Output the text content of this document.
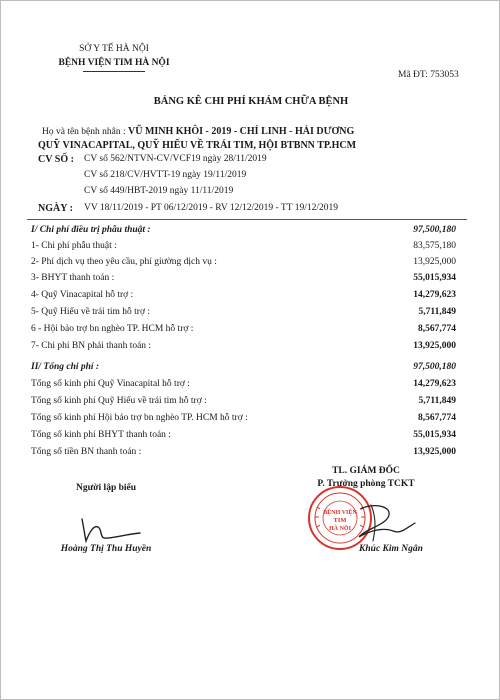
SỞ Y TẾ HÀ NỘI
BỆNH VIỆN TIM HÀ NỘI
Mã ĐT: 753053
BẢNG KÊ CHI PHÍ KHÁM CHỮA BỆNH
Họ và tên bệnh nhân : VŨ MINH KHÔI - 2019 - CHÍ LINH - HẢI DƯƠNG
QUỸ VINACAPITAL, QUỸ HIẾU VỀ TRÁI TIM, HỘI BTBNN TP.HCM
CV SỐ : CV số 562/NTVN-CV/VCF19 ngày 28/11/2019
CV số 218/CV/HVTT-19 ngày 19/11/2019
CV số 449/HBT-2019 ngày 11/11/2019
NGÀY : VV 18/11/2019 - PT 06/12/2019 - RV 12/12/2019 - TT 19/12/2019
I/ Chi phí điều trị phẫu thuật :	97,500,180
1- Chi phí phẫu thuật :	83,575,180
2- Phí dịch vụ theo yêu cầu, phí giường dịch vụ :	13,925,000
3- BHYT thanh toán :	55,015,934
4- Quỹ Vinacapital hỗ trợ :	14,279,623
5- Quỹ Hiếu về trái tim hỗ trợ :	5,711,849
6 - Hội bảo trợ bn nghèo TP. HCM hỗ trợ :	8,567,774
7- Chi phí BN phải thanh toán :	13,925,000
II/ Tổng chi phí :	97,500,180
Tổng số kinh phí Quỹ Vinacapital hỗ trợ :	14,279,623
Tổng số kinh phí Quỹ Hiếu về trái tim hỗ trợ :	5,711,849
Tổng số kinh phí Hội bảo trợ bn nghèo TP. HCM hỗ trợ :	8,567,774
Tổng số kinh phí BHYT thanh toán :	55,015,934
Tổng số tiền BN thanh toán :	13,925,000
Người lập biểu
Hoàng Thị Thu Huyền
TL. GIÁM ĐỐC
P. Trưởng phòng TCKT
BỆNH VIỆN
TIM
HÀ NỘI
Khúc Kim Ngân
